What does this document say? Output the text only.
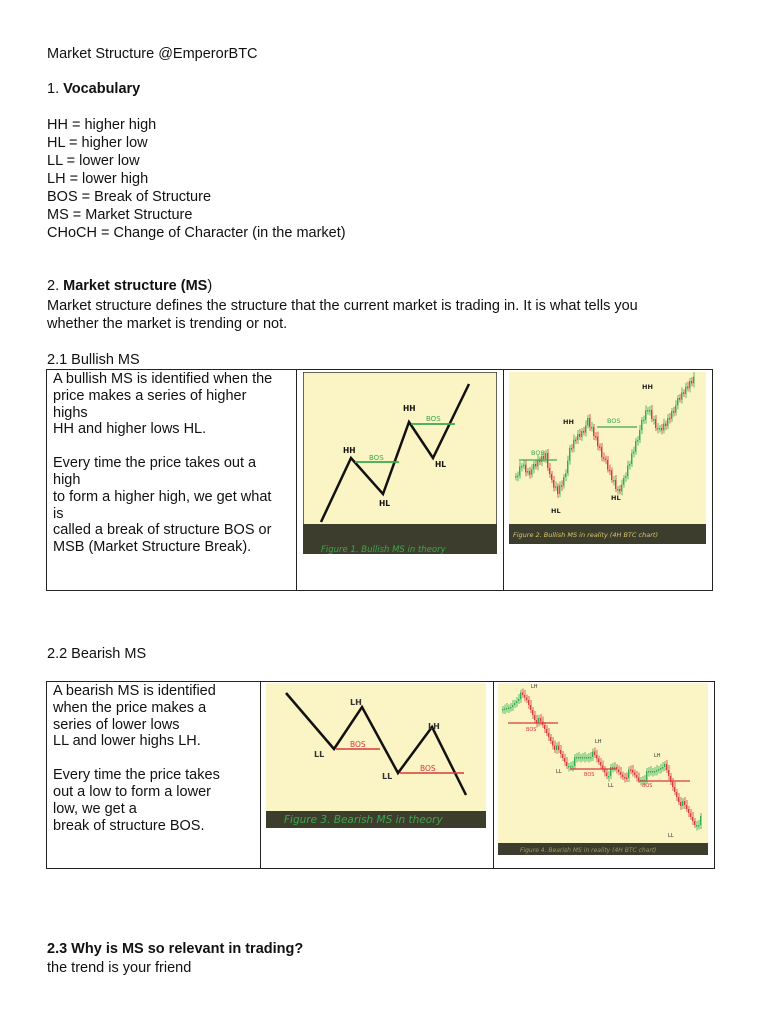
Market Structure @EmperorBTC
1. Vocabulary
HH = higher high
HL = higher low
LL = lower low
LH = lower high
BOS = Break of Structure
MS = Market Structure
CHoCH = Change of Character (in the market)
2. Market structure (MS)
Market structure defines the structure that the current market is trading in. It is what tells you
whether the market is trending or not.
2.1 Bullish MS

A bullish MS is identified when the

price makes a series of higher

highs

HH and higher lows HL.

Every time the price takes out a

high

to form a higher high, we get what

is

called a break of structure BOS or

MSB (Market Structure Break).

HH
HH
BOS
BOS
HL
HL
Figure 1. Bullish MS in theory
HH
HH
BOS
BOS
HL
HL
Figure 2. Bullish MS in reality (4H BTC chart)
2.2 Bearish MS

A bearish MS is identified

when the price makes a

series of lower lows

LL and lower highs LH.

Every time the price takes

out a low to form a lower

low, we get a

break of structure BOS.

LH
LH
LL
LL
BOS
BOS
Figure 3. Bearish MS in theory
LH
BOS
LH
LH
LL	BOS
LL	BOS
LL
Figure 4. Bearish MS in reality (4H BTC chart)
2.3 Why is MS so relevant in trading?
the trend is your friend
